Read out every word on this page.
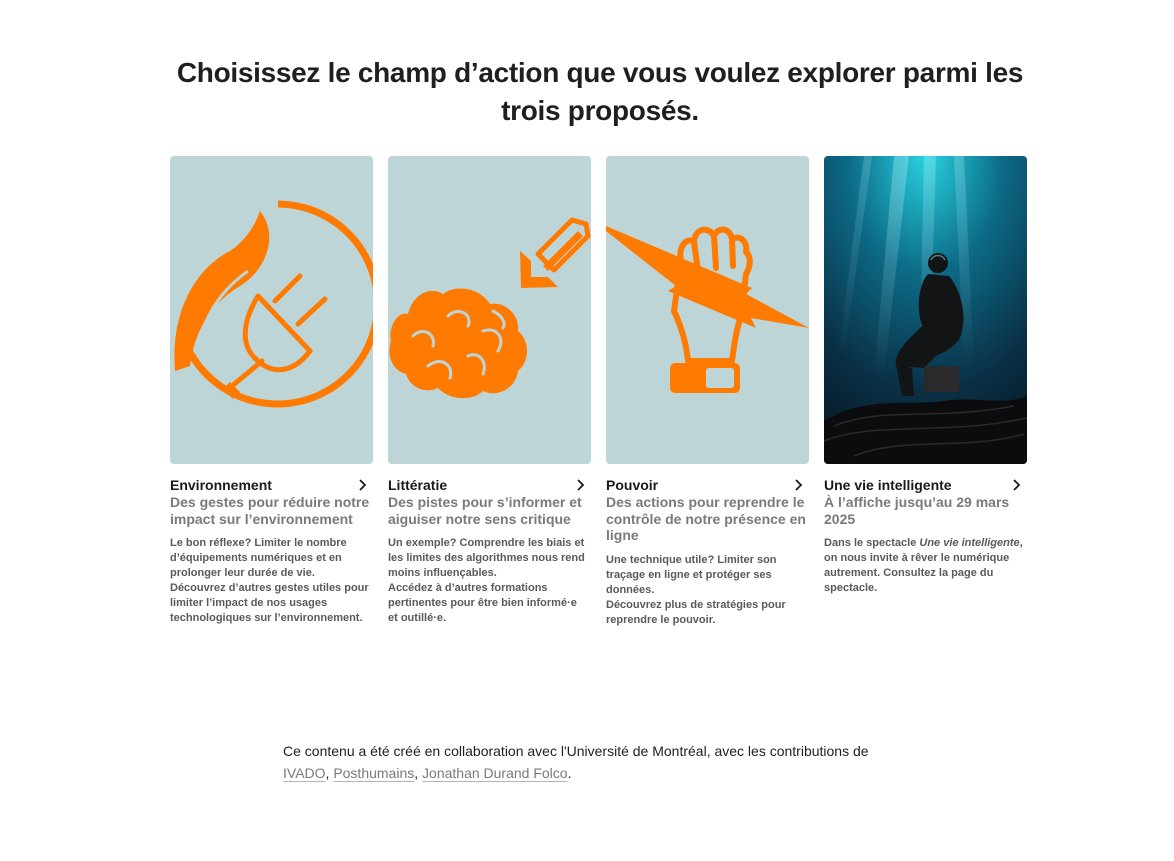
Choisissez le champ d’action que vous voulez explorer parmi les trois proposés.
Environnement
Des gestes pour réduire notre impact sur l’environnement

Le bon réflexe? Limiter le nombre d’équipements numériques et en prolonger leur durée de vie.

Découvrez d’autres gestes utiles pour limiter l’impact de nos usages technologiques sur l’environnement.

Littératie
Des pistes pour s’informer et aiguiser notre sens critique

Un exemple? Comprendre les biais et les limites des algorithmes nous rend moins influençables.

Accédez à d’autres formations pertinentes pour être bien informé·e et outillé·e.

Pouvoir
Des actions pour reprendre le contrôle de notre présence en ligne

Une technique utile? Limiter son traçage en ligne et protéger ses données.

Découvrez plus de stratégies pour reprendre le pouvoir.

Une vie intelligente
À l’affiche jusqu’au 29 mars 2025

Dans le spectacle Une vie intelligente, on nous invite à rêver le numérique autrement. Consultez la page du spectacle.

Ce contenu a été créé en collaboration avec l'Université de Montréal, avec les contributions de
IVADO, Posthumains, Jonathan Durand Folco.
